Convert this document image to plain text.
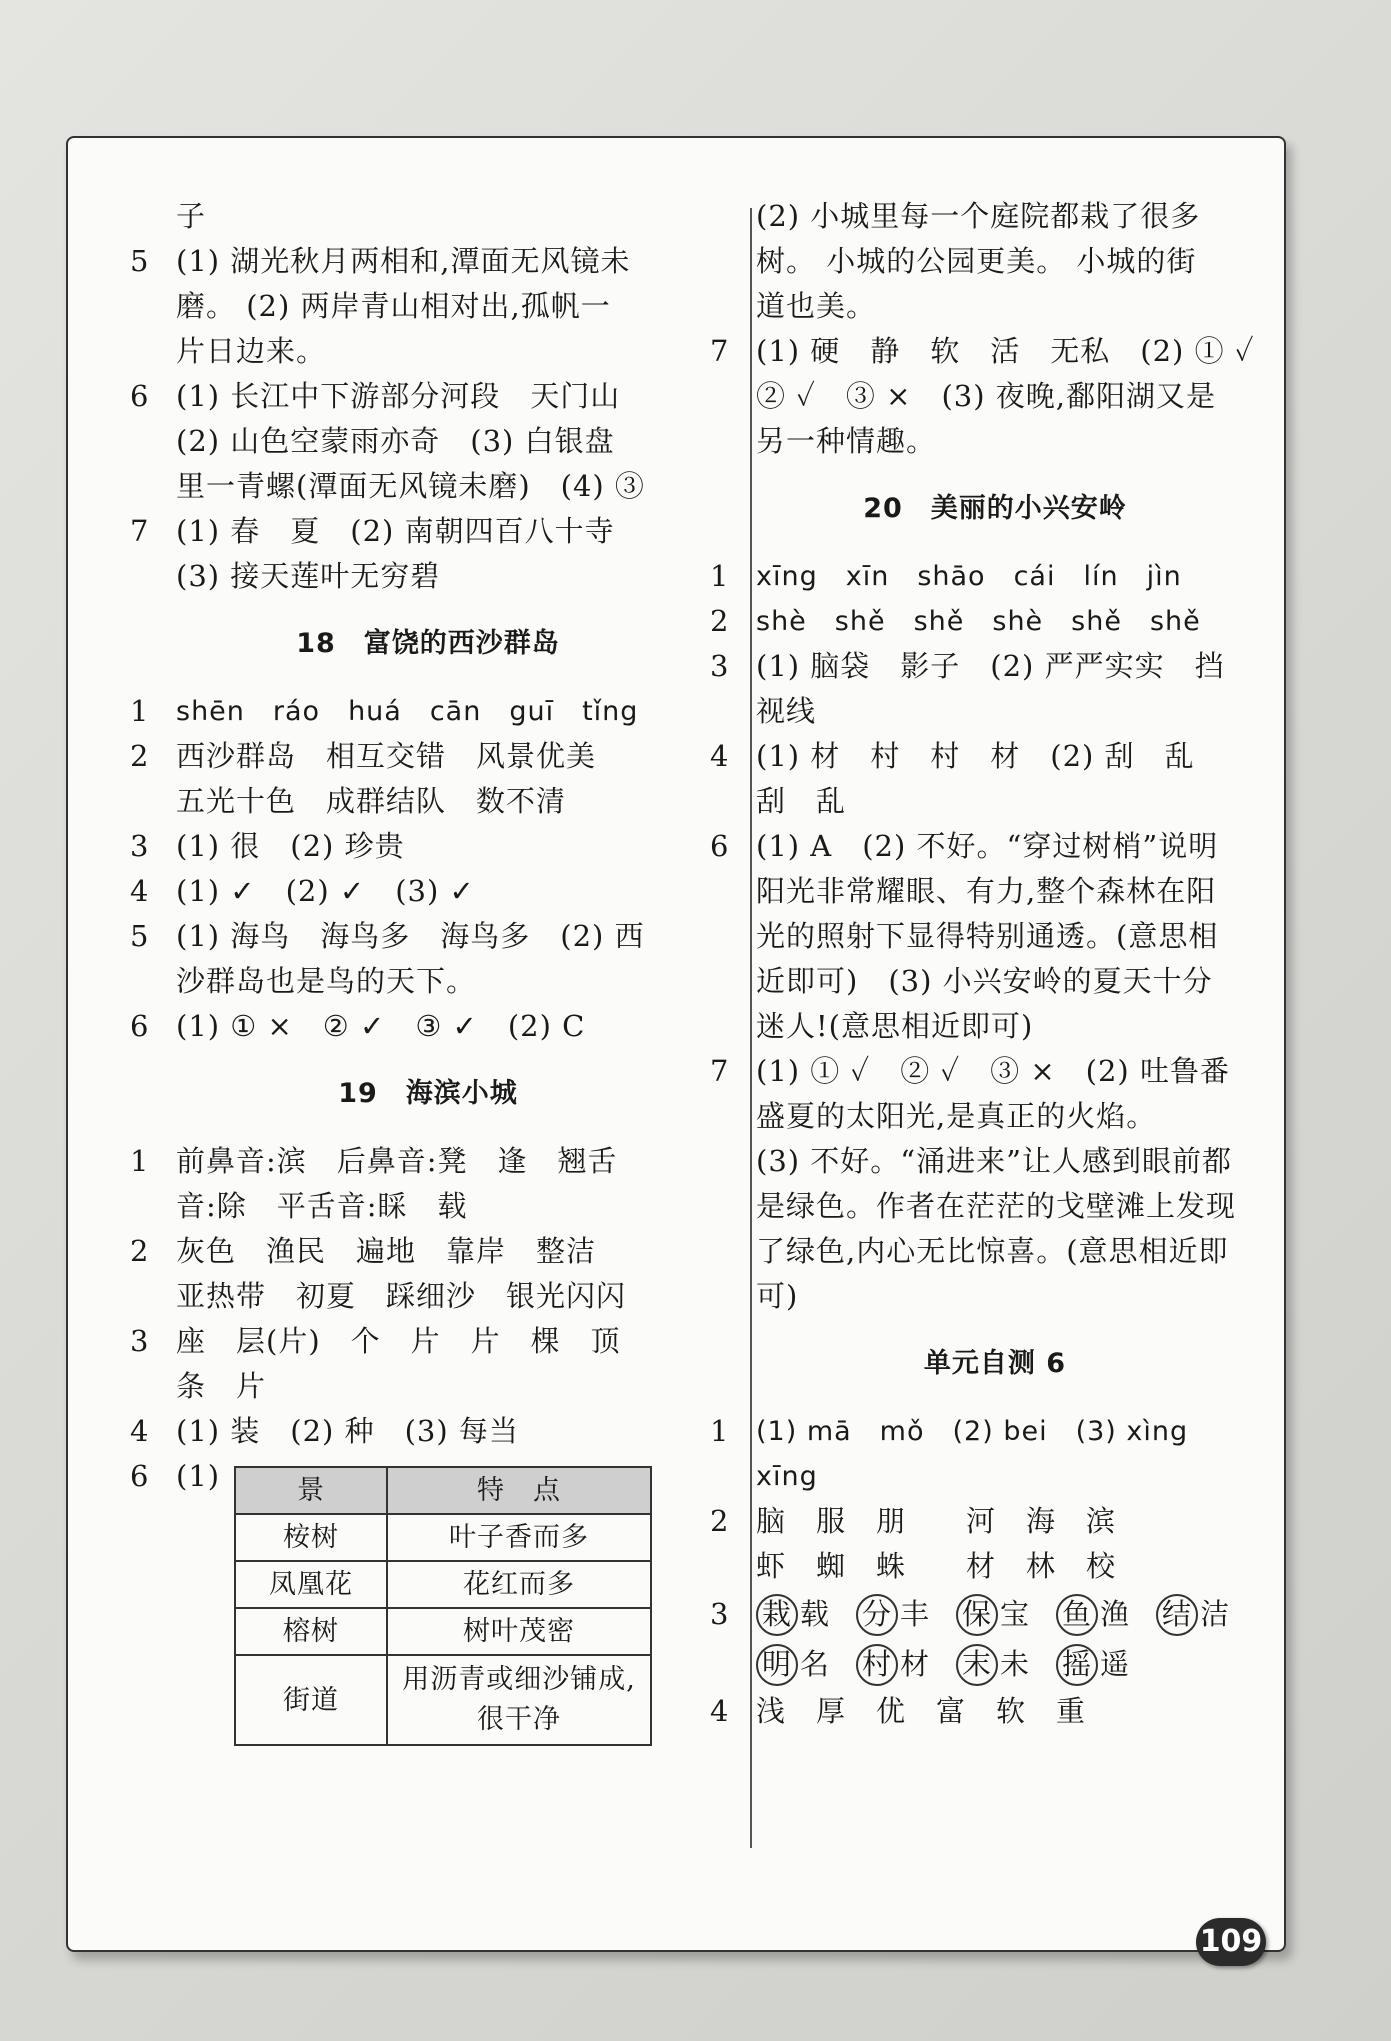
子
5 (1) 湖光秋月两相和,潭面无风镜未
磨。 (2) 两岸青山相对出,孤帆一
片日边来。
6 (1) 长江中下游部分河段　天门山
(2) 山色空蒙雨亦奇　(3) 白银盘
里一青螺(潭面无风镜未磨)　(4) ③
7 (1) 春　夏　(2) 南朝四百八十寺
(3) 接天莲叶无穷碧
18　富饶的西沙群岛
1 shēn　ráo　huá　cān　guī　tǐng
2 西沙群岛　相互交错　风景优美
五光十色　成群结队　数不清
3 (1) 很　(2) 珍贵
4 (1) ✓　(2) ✓　(3) ✓
5 (1) 海鸟　海鸟多　海鸟多　(2) 西
沙群岛也是鸟的天下。
6 (1) ① ×　② ✓　③ ✓　(2) C
19　海滨小城
1 前鼻音:滨　后鼻音:凳　逢　翘舌
音:除　平舌音:睬　载
2 灰色　渔民　遍地　靠岸　整洁
亚热带　初夏　踩细沙　银光闪闪
3 座　层(片)　个　片　片　棵　顶
条　片
4 (1) 装　(2) 种　(3) 每当
6 (1)	景	特　点
桉树	叶子香而多
凤凰花	花红而多
榕树	树叶茂密
街道	用沥青或细沙铺成,很干净
(2) 小城里每一个庭院都栽了很多
树。 小城的公园更美。 小城的街
道也美。
7 (1) 硬　静　软　活　无私　(2) ① ✓
② ✓　③ ×　(3) 夜晚,鄱阳湖又是
另一种情趣。
20　美丽的小兴安岭
1 xīng　xīn　shāo　cái　lín　jìn
2 shè　shě　shě　shè　shě　shě
3 (1) 脑袋　影子　(2) 严严实实　挡
视线
4 (1) 材　村　村　材　(2) 刮　乱
刮　乱
6 (1) A　(2) 不好。“穿过树梢”说明
阳光非常耀眼、有力,整个森林在阳
光的照射下显得特别通透。(意思相
近即可)　(3) 小兴安岭的夏天十分
迷人!(意思相近即可)
7 (1) ① ✓　② ✓　③ ×　(2) 吐鲁番
盛夏的太阳光,是真正的火焰。
(3) 不好。“涌进来”让人感到眼前都
是绿色。作者在茫茫的戈壁滩上发现
了绿色,内心无比惊喜。(意思相近即
可)
单元自测 6
1 (1) mā　mǒ　(2) bei　(3) xìng
xīng
2 脑　服　朋　　河　海　滨
虾　蜘　蛛　　材　林　校
3	栽 载 分 丰 保 宝 鱼 渔 结 洁
明 名 村 材 末 未 摇 遥
4 浅　厚　优　富　软　重
109
